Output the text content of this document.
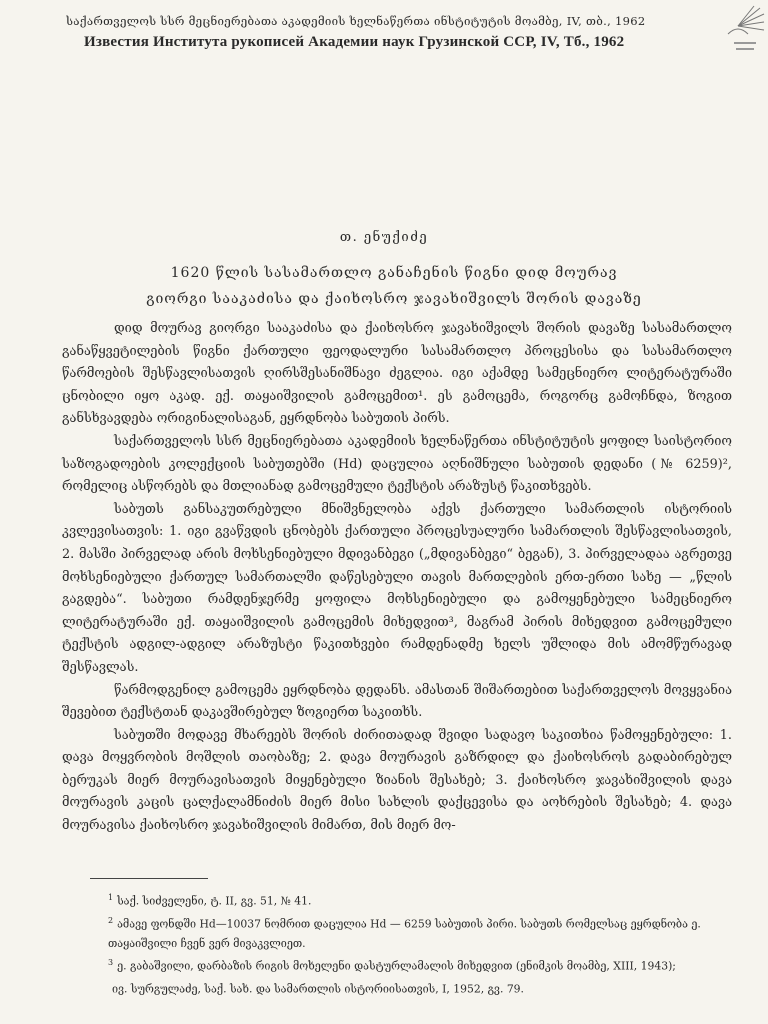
საქართველოს სსრ მეცნიერებათა აკადემიის ხელნაწერთა ინსტიტუტის მოამბე, IV, თბ., 1962
Известия Института рукописей Академии наук Грузинской ССР, IV, Тб., 1962
თ. ენუქიძე
1620 წლის სასამართლო განაჩენის წიგნი დიდ მოურავ
გიორგი სააკაძისა და ქაიხოსრო ჯავახიშვილს შორის დავაზე

დიდ მოურავ გიორგი სააკაძისა და ქაიხოსრო ჯავახიშვილს შორის დავაზე სასამართლო განაწყვეტილების წიგნი ქართული ფეოდალური სასამართლო პროცესისა და სასამართლო წარმოების შესწავლისათვის ღირსშესანიშნავი ძეგლია. იგი აქამდე სამეცნიერო ლიტერატურაში ცნობილი იყო აკად. ექ. თაყაიშვილის გამოცემით¹. ეს გამოცემა, როგორც გამოჩნდა, ზოგით განსხვავდება ორიგინალისაგან, ეყრდნობა საბუთის პირს.

საქართველოს სსრ მეცნიერებათა აკადემიის ხელნაწერთა ინსტიტუტის ყოფილ საისტორიო საზოგადოების კოლექციის საბუთებში (Hd) დაცულია აღნიშნული საბუთის დედანი (№ 6259)², რომელიც ასწორებს და მთლიანად გამოცემული ტექსტის არაზუსტ წაკითხვებს.

საბუთს განსაკუთრებული მნიშვნელობა აქვს ქართული სამართლის ისტორიის კვლევისათვის: 1. იგი გვაწვდის ცნობებს ქართული პროცესუალური სამართლის შესწავლისათვის, 2. მასში პირველად არის მოხსენიებული მდივანბეგი („მდივანბეგი“ ბეგან), 3. პირველადაა აგრეთვე მოხსენიებული ქართულ სამართალში დაწესებული თავის მართლების ერთ-ერთი სახე — „წლის გაგდება“. საბუთი რამდენჯერმე ყოფილა მოხსენიებული და გამოყენებული სამეცნიერო ლიტერატურაში ექ. თაყაიშვილის გამოცემის მიხედვით³, მაგრამ პირის მიხედვით გამოცემული ტექსტის ადგილ-ადგილ არაზუსტი წაკითხვები რამდენადმე ხელს უშლიდა მის ამომწურავად შესწავლას.

წარმოდგენილ გამოცემა ეყრდნობა დედანს. ამასთან შიშართებით საქართველოს მოვყვანია შევებით ტექსტთან დაკავშირებულ ზოგიერთ საკითხს.

საბუთში მოდავე მხარეებს შორის ძირითადად შვიდი სადავო საკითხია წამოყენებული: 1. დავა მოყვრობის მოშლის თაობაზე; 2. დავა მოურავის გაზრდილ და ქაიხოსროს გადაბირებულ ბერუკას მიერ მოურავისათვის მიყენებული ზიანის შესახებ; 3. ქაიხოსრო ჯავახიშვილის დავა მოურავის კაცის ცალქალამნიძის მიერ მისი სახლის დაქცევისა და აოხრების შესახებ; 4. დავა მოურავისა ქაიხოსრო ჯავახიშვილის მიმართ, მის მიერ მო-

$^1$ საქ. სიძველენი, ტ. II, გვ. 51, № 41.
$^2$ ამავე ფონდში Hd—10037 ნომრით დაცულია Hd — 6259 საბუთის პირი. საბუთს რომელსაც ეყრდნობა ე. თაყაიშვილი ჩვენ ვერ მივაკვლიეთ.
$^3$ ე. გაბაშვილი, დარბაზის რიგის მოხელენი დასტურლამალის მიხედვით (ენიმკის მოამბე, XIII, 1943);
ივ. სურგულაძე, საქ. სახ. და სამართლის ისტორიისათვის, I, 1952, გვ. 79.
